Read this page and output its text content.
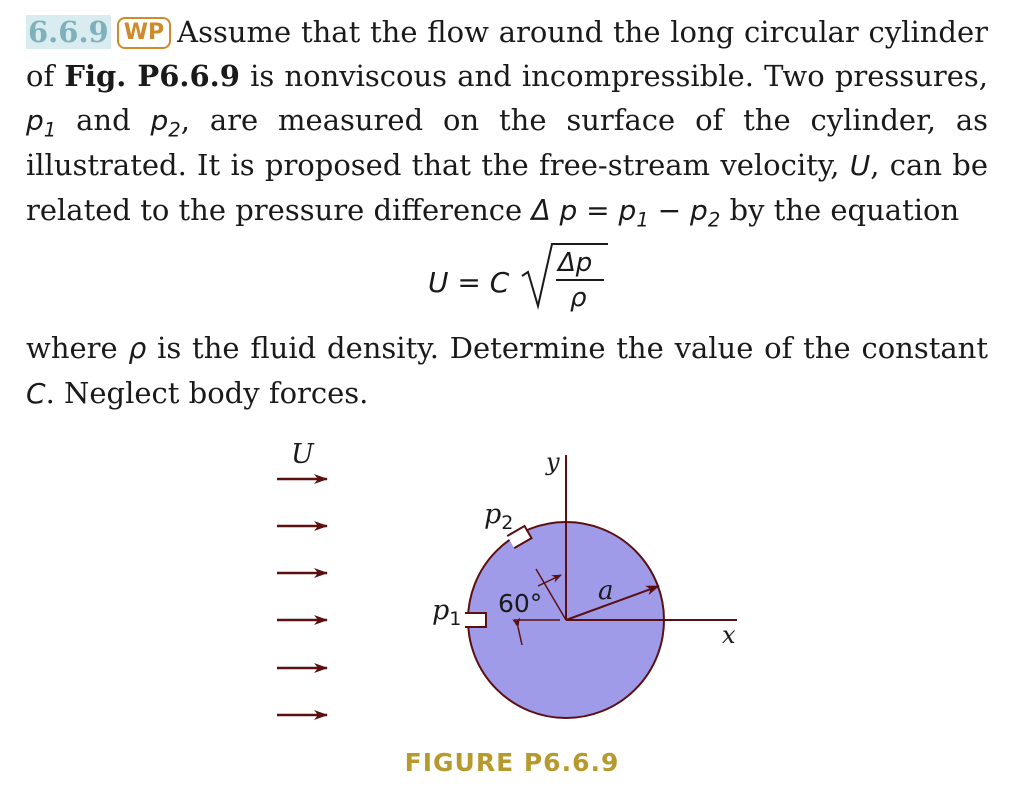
6.6.9 WP Assume that the flow around the long circular cylinder of Fig. P6.6.9 is nonviscous and incompressible. Two pressures, $p_1$ and $p_2$, are measured on the surface of the cylinder, as illustrated. It is proposed that the free-stream velocity, U, can be related to the pressure difference Δ $p = p_1 - p_2$ by the equation

U = C
Δp
ρ

where ρ is the fluid density. Determine the value of the constant C. Neglect body forces.

U	y
x
a
60°
$p_1$
$p_2$
FIGURE P6.6.9
